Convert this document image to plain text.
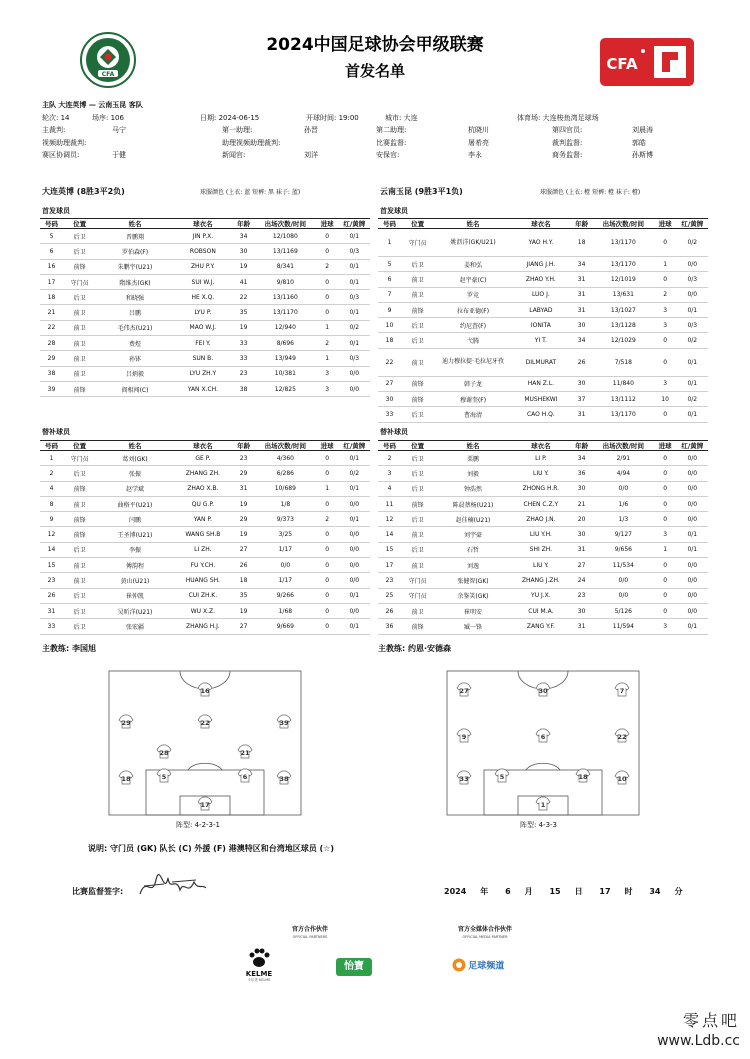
CFA
CFA
2024中国足球协会甲级联赛
首发名单
主队 大连英博 — 云南玉昆 客队
轮次: 14	场序: 106	日期: 2024-06-15	开球时间: 19:00	城市: 大连	体育场: 大连梭鱼湾足球场
主裁判:	马宁	第一助理:	孙晋	第二助理:	杭晓川	第四官员:	刘晨涛
视频助理裁判:	助理视频助理裁判:	比赛监督:	屠希亮	裁判监督:	郭皓
赛区协调员:	于健	新闻官:	刘洋	安保官:	李永	商务监督:	孙斯博
大连英博 (8胜3平2负)	球服颜色 (上衣: 蓝 短裤: 黑 袜子: 蓝)	云南玉昆 (9胜3平1负)	球服颜色 (上衣: 橙 短裤: 橙 袜子: 橙)
首发球员	首发球员
替补球员	替补球员
号码	位置	姓名	球衣名	年龄	出场次数/时间	进球	红/黄牌
5	后卫	晋鹏翔	JIN P.X.	34	12/1080	0	0/1
6	后卫	罗伯森(F)	ROBSON	30	13/1169	0	0/3
16	前锋	朱鹏宇(U21)	ZHU P.Y.	19	8/341	2	0/1
17	守门员	隋维杰(GK)	SUI W.J.	41	9/810	0	0/1
18	后卫	和晓强	HE X.Q.	22	13/1160	0	0/3
21	前卫	吕鹏	LYU P.	35	13/1170	0	0/1
22	前卫	毛伟杰(U21)	MAO W.J.	19	12/940	1	0/2
28	前卫	费煜	FEI Y.	33	8/696	2	0/1
29	前卫	孙钵	SUN B.	33	13/949	1	0/3
38	前卫	吕炳毅	LYU ZH.Y	23	10/381	3	0/0
39	前锋	阎相闯(C)	YAN X.CH.	38	12/825	3	0/0
号码	位置	姓名	球衣名	年龄	出场次数/时间	进球	红/黄牌
1	守门员	姚沥洋(GK/U21)	YAO H.Y.	18	13/1170	0	0/2
5	后卫	姜和弘	JIANG J.H.	34	13/1170	1	0/0
6	前卫	赵宇豪(C)	ZHAO Y.H.	31	12/1019	0	0/3
7	前卫	罗竞	LUO J.	31	13/631	2	0/0
9	前锋	拉布亚德(F)	LABYAD	31	13/1027	3	0/1
10	后卫	约尼查(F)	IONITA	30	13/1128	3	0/3
18	后卫	弋腾	YI T.	34	12/1029	0	0/2
22	前卫	迪力穆拉提·毛拉尼牙孜	DILMURAT	26	7/518	0	0/1
27	前锋	韩子龙	HAN Z.L.	30	11/840	3	0/1
30	前锋	穆谢奎(F)	MUSHEKWI	37	13/1112	10	0/2
33	后卫	曹海清	CAO H.Q.	31	13/1170	0	0/1
号码	位置	姓名	球衣名	年龄	出场次数/时间	进球	红/黄牌
1	守门员	葛刘(GK)	GE P.	23	4/360	0	0/1
2	后卫	张振	ZHANG ZH.	29	6/286	0	0/2
4	前锋	赵学斌	ZHAO X.B.	31	10/689	1	0/1
8	前卫	曲格平(U21)	QU G.P.	19	1/8	0	0/0
9	前锋	闫鹏	YAN P.	29	9/373	2	0/1
12	前锋	王圣博(U21)	WANG SH.B	19	3/25	0	0/0
14	后卫	李振	LI ZH.	27	1/17	0	0/0
15	前卫	傅韵程	FU Y.CH.	26	0/0	0	0/0
23	前卫	黄山(U21)	HUANG SH.	18	1/17	0	0/0
26	后卫	崔仲凯	CUI ZH.K.	35	9/266	0	0/1
31	后卫	吴昕洋(U21)	WU X.Z.	19	1/68	0	0/0
33	后卫	张宏疆	ZHANG H.J.	27	9/669	0	0/1
号码	位置	姓名	球衣名	年龄	出场次数/时间	进球	红/黄牌
2	后卫	栗鹏	LI P.	34	2/91	0	0/0
3	后卫	刘毅	LIU Y.	36	4/94	0	0/0
4	后卫	钟浩然	ZHONG H.R.	30	0/0	0	0/0
11	前锋	陈晨蔡杨(U21)	CHEN C.Z.Y	21	1/6	0	0/0
12	后卫	赵佳楠(U21)	ZHAO J.N.	20	1/3	0	0/0
14	前卫	刘宇豪	LIU Y.H.	30	9/127	3	0/1
15	后卫	石哲	SHI ZH.	31	9/656	1	0/1
17	前卫	刘逸	LIU Y.	27	11/534	0	0/0
23	守门员	张健智(GK)	ZHANG J.ZH.	24	0/0	0	0/0
25	守门员	余鉴笑(GK)	YU J.X.	23	0/0	0	0/0
26	前卫	崔明安	CUI M.A.	30	5/126	0	0/0
36	前锋	臧一锋	ZANG Y.F.	31	11/594	3	0/1
主教练: 李国旭	主教练: 约恩·安德森
16
29	22	39
28	21
18	5	6	38
17
27	30	7
9	6	22
33	5	18	10
1
阵型: 4-2-3-1	阵型: 4-3-3
说明: 守门员 (GK) 队长 (C) 外援 (F) 港澳特区和台湾地区球员 (☆)
比赛监督签字:	2024 年 6 月 15 日 17 时 34 分
官方合作伙伴
OFFICIAL PARTNERS
官方全媒体合作伙伴
OFFICIAL MEDIA PARTNER
KELME
卡尔美 KELME
怡寶	足球频道
零点吧
www.Ldb.cc
